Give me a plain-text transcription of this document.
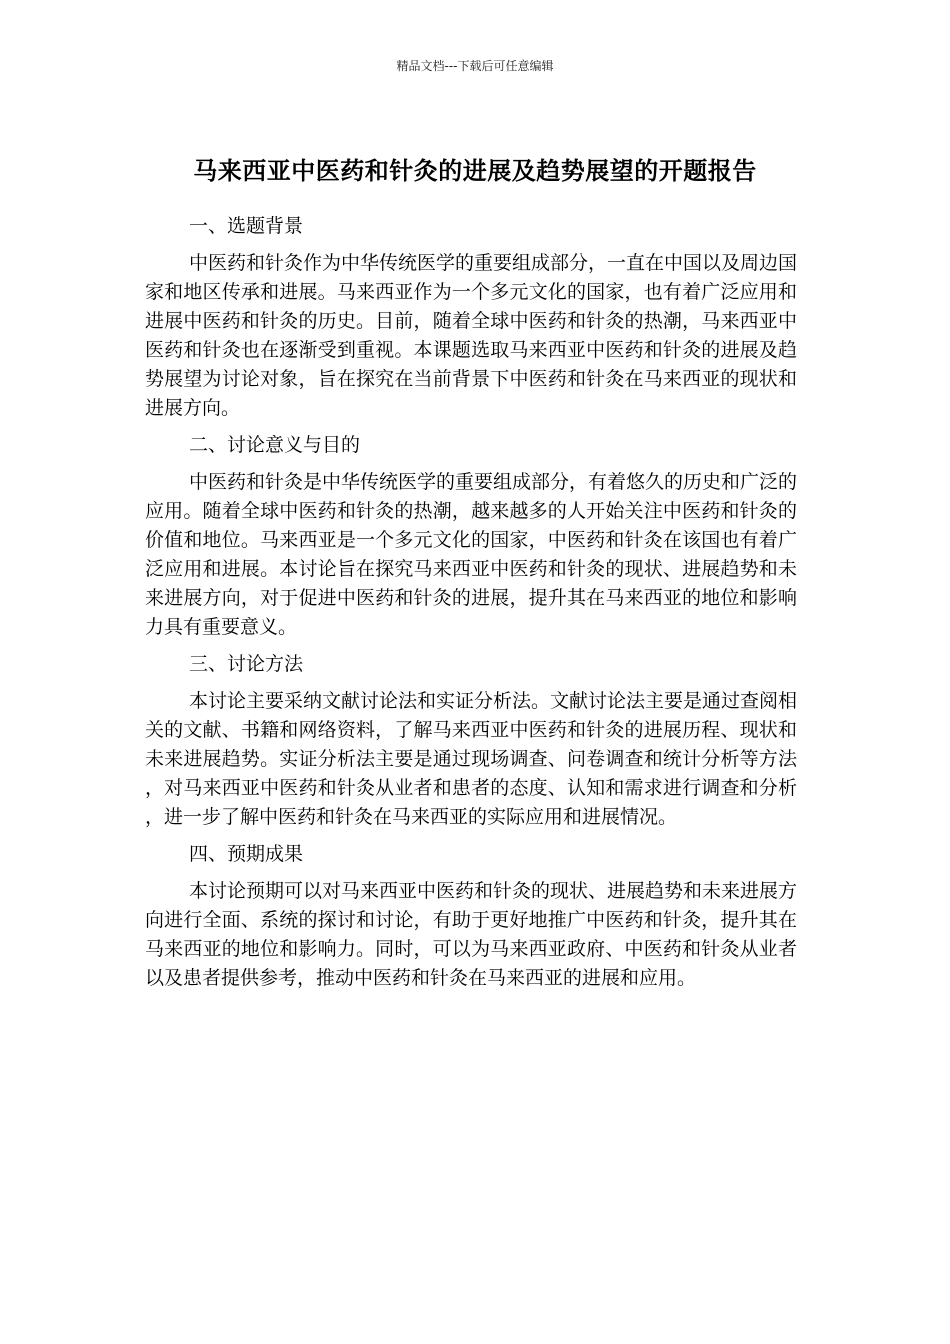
精品文档---下载后可任意编辑
马来西亚中医药和针灸的进展及趋势展望的开题报告
一、选题背景

中医药和针灸作为中华传统医学的重要组成部分，一直在中国以及周边国家和地区传承和进展。马来西亚作为一个多元文化的国家，也有着广泛应用和进展中医药和针灸的历史。目前，随着全球中医药和针灸的热潮，马来西亚中医药和针灸也在逐渐受到重视。本课题选取马来西亚中医药和针灸的进展及趋势展望为讨论对象，旨在探究在当前背景下中医药和针灸在马来西亚的现状和进展方向。

二、讨论意义与目的

中医药和针灸是中华传统医学的重要组成部分，有着悠久的历史和广泛的应用。随着全球中医药和针灸的热潮，越来越多的人开始关注中医药和针灸的价值和地位。马来西亚是一个多元文化的国家，中医药和针灸在该国也有着广泛应用和进展。本讨论旨在探究马来西亚中医药和针灸的现状、进展趋势和未来进展方向，对于促进中医药和针灸的进展，提升其在马来西亚的地位和影响力具有重要意义。

三、讨论方法

本讨论主要采纳文献讨论法和实证分析法。文献讨论法主要是通过查阅相关的文献、书籍和网络资料，了解马来西亚中医药和针灸的进展历程、现状和未来进展趋势。实证分析法主要是通过现场调查、问卷调查和统计分析等方法，对马来西亚中医药和针灸从业者和患者的态度、认知和需求进行调查和分析，进一步了解中医药和针灸在马来西亚的实际应用和进展情况。

四、预期成果

本讨论预期可以对马来西亚中医药和针灸的现状、进展趋势和未来进展方向进行全面、系统的探讨和讨论，有助于更好地推广中医药和针灸，提升其在马来西亚的地位和影响力。同时，可以为马来西亚政府、中医药和针灸从业者以及患者提供参考，推动中医药和针灸在马来西亚的进展和应用。
